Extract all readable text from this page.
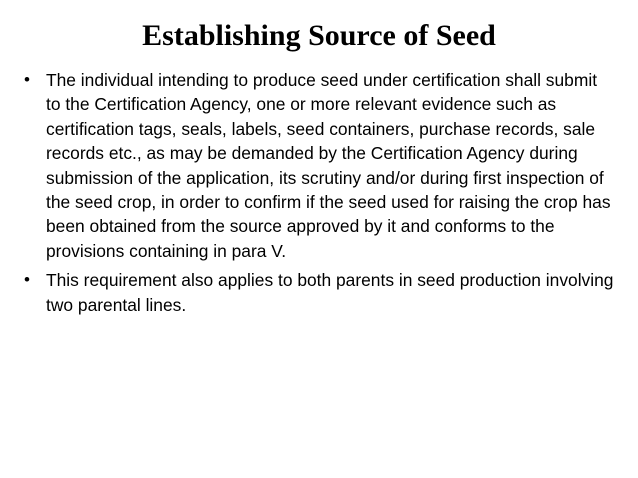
Establishing Source of Seed
• The individual intending to produce seed under certification shall submit to the Certification Agency, one or more relevant evidence such as certification tags, seals, labels, seed containers, purchase records, sale records etc., as may be demanded by the Certification Agency during submission of the application, its scrutiny and/or during first inspection of the seed crop, in order to confirm if the seed used for raising the crop has been obtained from the source approved by it and conforms to the provisions containing in para V.
• This requirement also applies to both parents in seed production involving two parental lines.
